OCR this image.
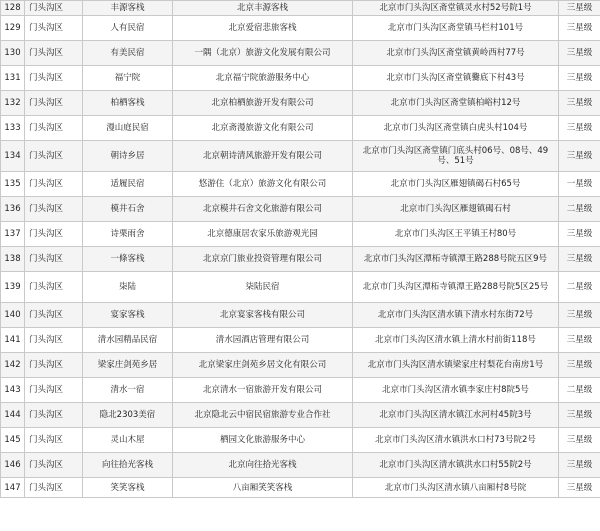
128	门头沟区	丰源客栈	北京丰源客栈	北京市门头沟区斋堂镇灵水村52号院1号	三星级
129	门头沟区	人有民宿	北京爱宿悲旅客栈	北京市门头沟区斋堂镇马栏村101号	三星级
130	门头沟区	有美民宿	一隅（北京）旅游文化发展有限公司	北京市门头沟区斋堂镇黄岭西村77号	三星级
131	门头沟区	福宁院	北京福宁院旅游服务中心	北京市门头沟区斋堂镇爨底下村43号	三星级
132	门头沟区	柏栖客栈	北京柏栖旅游开发有限公司	北京市门头沟区斋堂镇柏峪村12号	三星级
133	门头沟区	漫山庭民宿	北京斋漫旅游文化有限公司	北京市门头沟区斋堂镇白虎头村104号	三星级
134	门头沟区	朝诗乡居	北京朝诗清风旅游开发有限公司	北京市门头沟区斋堂镇门底头村06号、08号、49号、51号	三星级
135	门头沟区	适履民宿	悠游住（北京）旅游文化有限公司	北京市门头沟区雁翅镇碣石村65号	一星级
136	门头沟区	模井石舍	北京模井石舍文化旅游有限公司	北京市门头沟区雁翅镇碣石村	二星级
137	门头沟区	诗栗雨舍	北京德康居农家乐旅游观光园	北京市门头沟区王平镇王村80号	三星级
138	门头沟区	一條客栈	北京京门旅业投资管理有限公司	北京市门头沟区潭柘寺镇潭王路288号院五区9号	三星级
139	门头沟区	柒陆	柒陆民宿	北京市门头沟区潭柘寺镇潭王路288号院5区25号	二星级
140	门头沟区	宴家客栈	北京宴家客栈有限公司	北京市门头沟区清水镇下清水村东街72号	三星级
141	门头沟区	清水园精品民宿	清水园酒店管理有限公司	北京市门头沟区清水镇上清水村前街118号	三星级
142	门头沟区	梁家庄剑苑乡居	北京梁家庄剑苑乡居文化有限公司	北京市门头沟区清水镇梁家庄村梨花台南房1号	三星级
143	门头沟区	清水一宿	北京清水一宿旅游开发有限公司	北京市门头沟区清水镇李家庄村8院5号	二星级
144	门头沟区	隐北2303美宿	北京隐北云中宿民宿旅游专业合作社	北京市门头沟区清水镇江水河村45院3号	三星级
145	门头沟区	灵山木屋	栖园文化旅游服务中心	北京市门头沟区清水镇洪水口村73号院2号	三星级
146	门头沟区	向往拾光客栈	北京向往拾光客栈	北京市门头沟区清水镇洪水口村55院2号	三星级
147	门头沟区	笑笑客栈	八亩厢笑笑客栈	北京市门头沟区清水镇八亩厢村8号院	三星级
